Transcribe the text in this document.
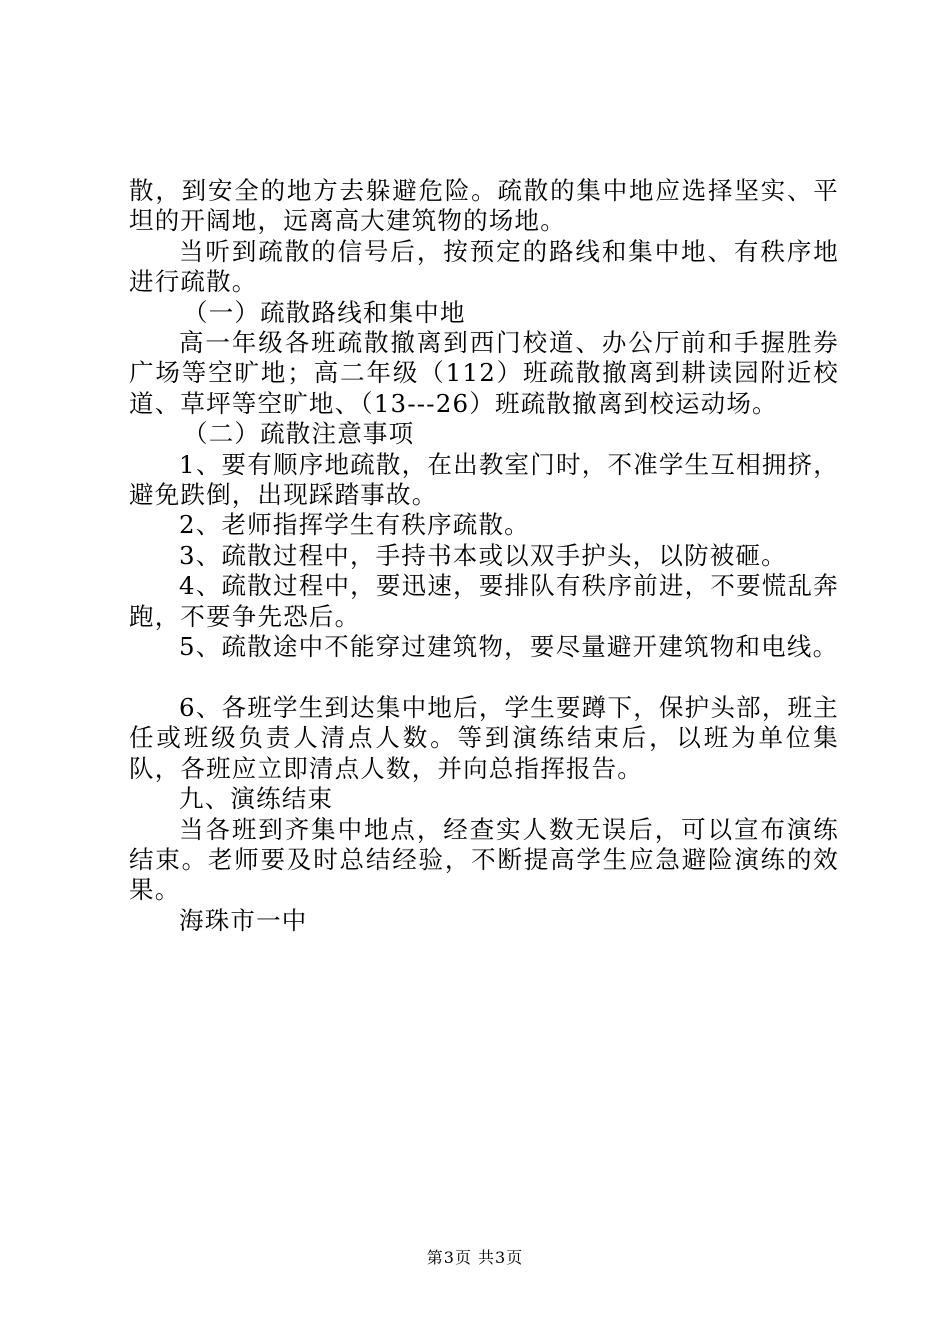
散，到安全的地方去躲避危险。疏散的集中地应选择坚实、平坦的开阔地，远离高大建筑物的场地。

当听到疏散的信号后，按预定的路线和集中地、有秩序地进行疏散。

（一）疏散路线和集中地

高一年级各班疏散撤离到西门校道、办公厅前和手握胜券广场等空旷地；高二年级（112）班疏散撤离到耕读园附近校道、草坪等空旷地、（13---26）班疏散撤离到校运动场。

（二）疏散注意事项

1、要有顺序地疏散，在出教室门时，不准学生互相拥挤，避免跌倒，出现踩踏事故。

2、老师指挥学生有秩序疏散。

3、疏散过程中，手持书本或以双手护头，以防被砸。

4、疏散过程中，要迅速，要排队有秩序前进，不要慌乱奔跑，不要争先恐后。

5、疏散途中不能穿过建筑物，要尽量避开建筑物和电线。

6、各班学生到达集中地后，学生要蹲下，保护头部，班主任或班级负责人清点人数。等到演练结束后，以班为单位集队，各班应立即清点人数，并向总指挥报告。

九、演练结束

当各班到齐集中地点，经查实人数无误后，可以宣布演练结束。老师要及时总结经验，不断提高学生应急避险演练的效果。

海珠市一中

第3页 共3页
